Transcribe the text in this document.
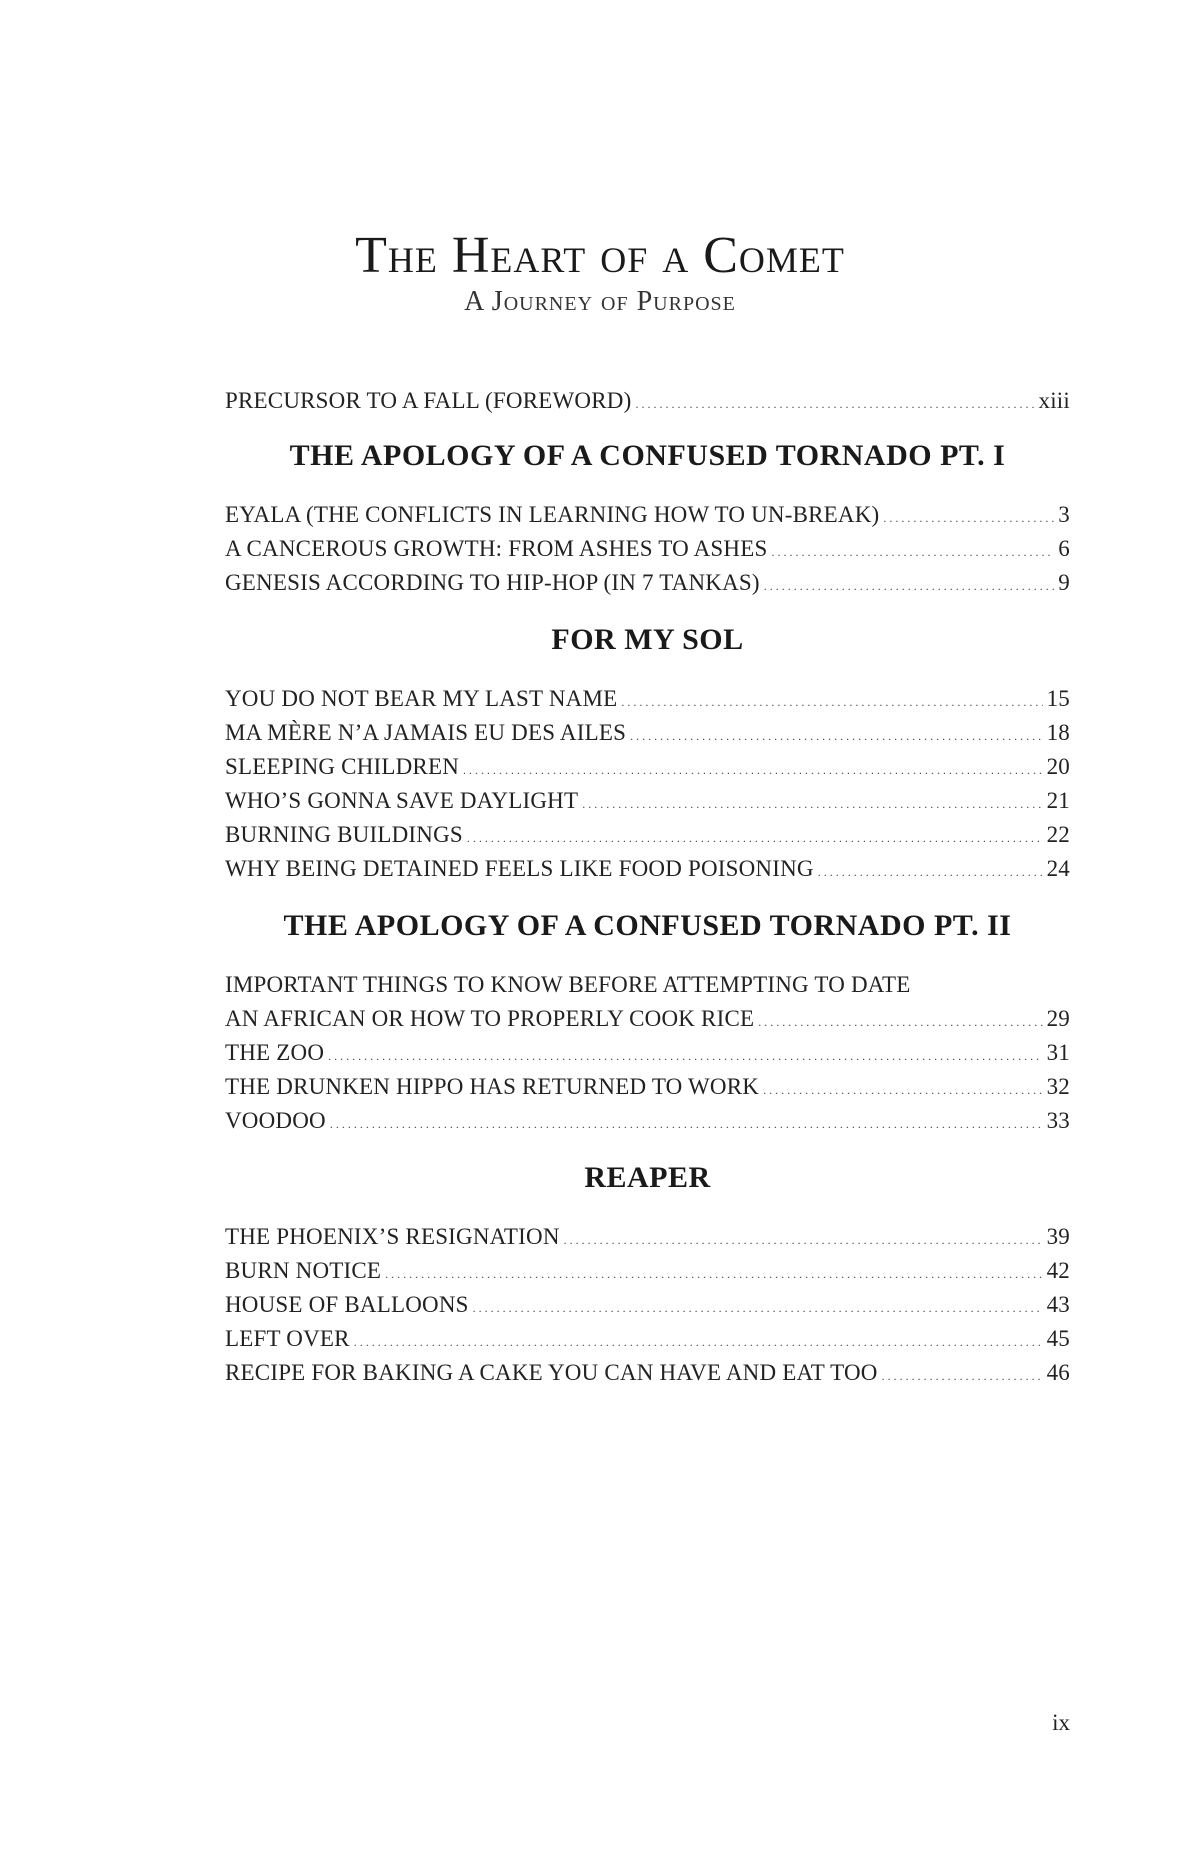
The Heart of a Comet
A Journey of Purpose
PRECURSOR TO A FALL (FOREWORD) . . .	xiii
THE APOLOGY OF A CONFUSED TORNADO PT. I
EYALA (THE CONFLICTS IN LEARNING HOW TO UN-BREAK) . . .	3
A CANCEROUS GROWTH: FROM ASHES TO ASHES . . .	6
GENESIS ACCORDING TO HIP-HOP (IN 7 TANKAS) . . .	9
FOR MY SOL
YOU DO NOT BEAR MY LAST NAME . . .	15
MA MÈRE N’A JAMAIS EU DES AILES . . .	18
SLEEPING CHILDREN . . .	20
WHO’S GONNA SAVE DAYLIGHT . . .	21
BURNING BUILDINGS . . .	22
WHY BEING DETAINED FEELS LIKE FOOD POISONING . . .	24
THE APOLOGY OF A CONFUSED TORNADO PT. II
IMPORTANT THINGS TO KNOW BEFORE ATTEMPTING TO DATE
AN AFRICAN OR HOW TO PROPERLY COOK RICE . . .	29
THE ZOO . . .	31
THE DRUNKEN HIPPO HAS RETURNED TO WORK . . .	32
VOODOO . . .	33
REAPER
THE PHOENIX’S RESIGNATION . . .	39
BURN NOTICE . . .	42
HOUSE OF BALLOONS . . .	43
LEFT OVER . . .	45
RECIPE FOR BAKING A CAKE YOU CAN HAVE AND EAT TOO . . .	46
ix
